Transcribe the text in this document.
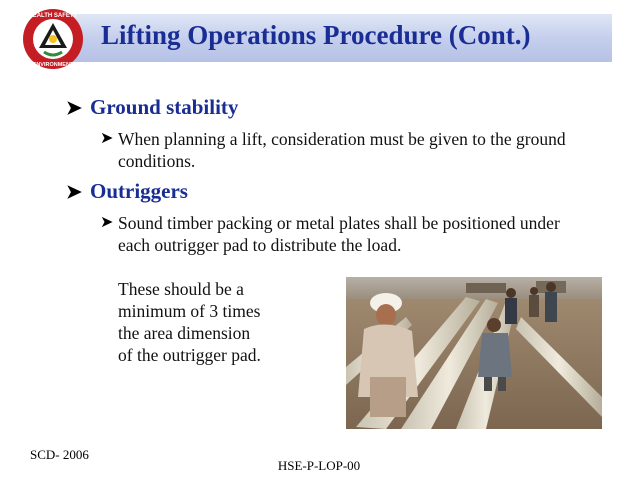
HEALTH SAFETY
ENVIRONMENT
Lifting Operations Procedure (Cont.)
➤ Ground stability
➤ When planning a lift, consideration must be given to the ground conditions.
➤ Outriggers
➤ Sound timber packing or metal plates shall be positioned under each outrigger pad to distribute the load.
These should be a
minimum of 3 times
the area dimension
of the outrigger pad.
SCD- 2006
HSE-P-LOP-00
